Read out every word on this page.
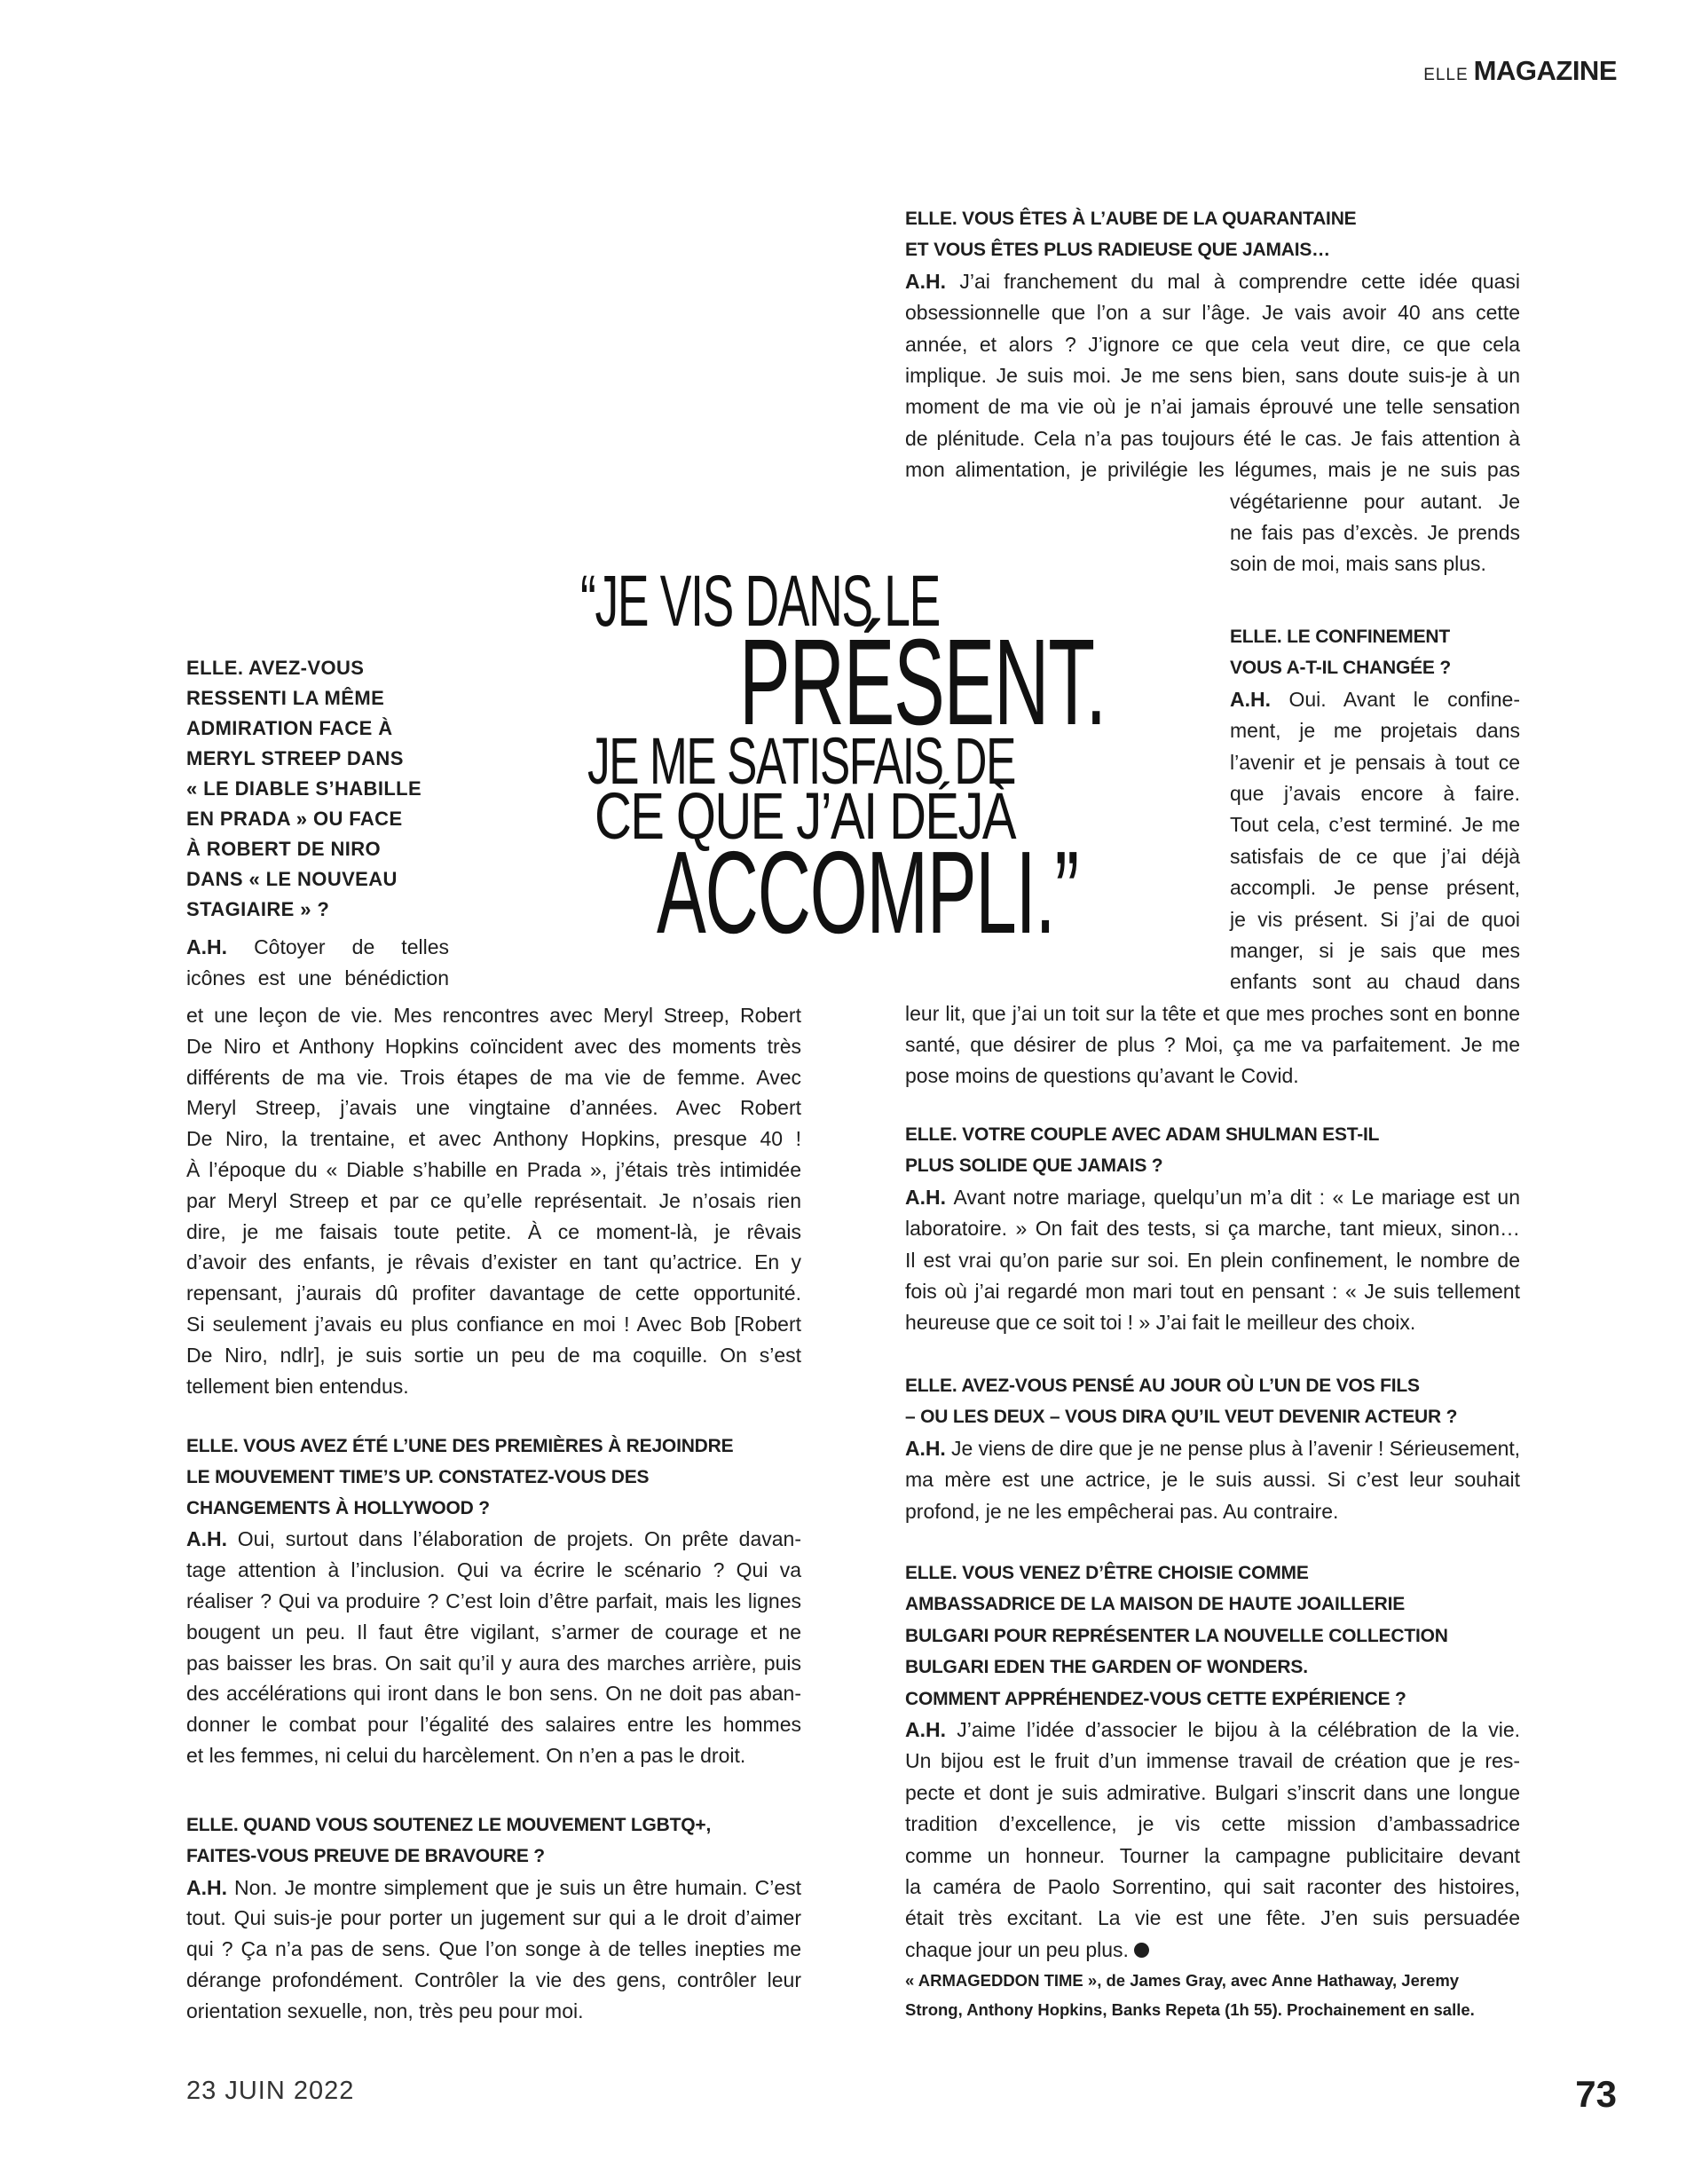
ELLE MAGAZINE
“JE VIS DANS LE
PRÉSENT.
JE ME SATISFAIS DE
CE QUE J’AI DÉJÀ
ACCOMPLI.”
ELLE. AVEZ-VOUS
RESSENTI LA MÊME
ADMIRATION FACE À
MERYL STREEP DANS
« LE DIABLE S’HABILLE
EN PRADA » OU FACE
À ROBERT DE NIRO
DANS « LE NOUVEAU
STAGIAIRE » ?
A.H. Côtoyer de telles
icônes est une bénédiction
et une leçon de vie. Mes rencontres avec Meryl Streep, Robert
De Niro et Anthony Hopkins coïncident avec des moments très
différents de ma vie. Trois étapes de ma vie de femme. Avec
Meryl Streep, j’avais une vingtaine d’années. Avec Robert
De Niro, la trentaine, et avec Anthony Hopkins, presque 40 !
À l’époque du « Diable s’habille en Prada », j’étais très intimidée
par Meryl Streep et par ce qu’elle représentait. Je n’osais rien
dire, je me faisais toute petite. À ce moment-là, je rêvais
d’avoir des enfants, je rêvais d’exister en tant qu’actrice. En y
repensant, j’aurais dû profiter davantage de cette opportunité.
Si seulement j’avais eu plus confiance en moi ! Avec Bob [Robert
De Niro, ndlr], je suis sortie un peu de ma coquille. On s’est
tellement bien entendus.
ELLE. VOUS AVEZ ÉTÉ L’UNE DES PREMIÈRES À REJOINDRE
LE MOUVEMENT TIME’S UP. CONSTATEZ-VOUS DES
CHANGEMENTS À HOLLYWOOD ?
A.H. Oui, surtout dans l’élaboration de projets. On prête davan-
tage attention à l’inclusion. Qui va écrire le scénario ? Qui va
réaliser ? Qui va produire ? C’est loin d’être parfait, mais les lignes
bougent un peu. Il faut être vigilant, s’armer de courage et ne
pas baisser les bras. On sait qu’il y aura des marches arrière, puis
des accélérations qui iront dans le bon sens. On ne doit pas aban-
donner le combat pour l’égalité des salaires entre les hommes
et les femmes, ni celui du harcèlement. On n’en a pas le droit.
ELLE. QUAND VOUS SOUTENEZ LE MOUVEMENT LGBTQ+,
FAITES-VOUS PREUVE DE BRAVOURE ?
A.H. Non. Je montre simplement que je suis un être humain. C’est
tout. Qui suis-je pour porter un jugement sur qui a le droit d’aimer
qui ? Ça n’a pas de sens. Que l’on songe à de telles inepties me
dérange profondément. Contrôler la vie des gens, contrôler leur
orientation sexuelle, non, très peu pour moi.
ELLE. VOUS ÊTES À L’AUBE DE LA QUARANTAINE
ET VOUS ÊTES PLUS RADIEUSE QUE JAMAIS…
A.H. J’ai franchement du mal à comprendre cette idée quasi
obsessionnelle que l’on a sur l’âge. Je vais avoir 40 ans cette
année, et alors ? J’ignore ce que cela veut dire, ce que cela
implique. Je suis moi. Je me sens bien, sans doute suis-je à un
moment de ma vie où je n’ai jamais éprouvé une telle sensation
de plénitude. Cela n’a pas toujours été le cas. Je fais attention à
mon alimentation, je privilégie les légumes, mais je ne suis pas
végétarienne pour autant. Je
ne fais pas d’excès. Je prends
soin de moi, mais sans plus.
ELLE. LE CONFINEMENT
VOUS A-T-IL CHANGÉE ?
A.H. Oui. Avant le confine-
ment, je me projetais dans
l’avenir et je pensais à tout ce
que j’avais encore à faire.
Tout cela, c’est terminé. Je me
satisfais de ce que j’ai déjà
accompli. Je pense présent,
je vis présent. Si j’ai de quoi
manger, si je sais que mes
enfants sont au chaud dans
leur lit, que j’ai un toit sur la tête et que mes proches sont en bonne
santé, que désirer de plus ? Moi, ça me va parfaitement. Je me
pose moins de questions qu’avant le Covid.
ELLE. VOTRE COUPLE AVEC ADAM SHULMAN EST-IL
PLUS SOLIDE QUE JAMAIS ?
A.H. Avant notre mariage, quelqu’un m’a dit : « Le mariage est un
laboratoire. » On fait des tests, si ça marche, tant mieux, sinon…
Il est vrai qu’on parie sur soi. En plein confinement, le nombre de
fois où j’ai regardé mon mari tout en pensant : « Je suis tellement
heureuse que ce soit toi ! » J’ai fait le meilleur des choix.
ELLE. AVEZ-VOUS PENSÉ AU JOUR OÙ L’UN DE VOS FILS
– OU LES DEUX – VOUS DIRA QU’IL VEUT DEVENIR ACTEUR ?
A.H. Je viens de dire que je ne pense plus à l’avenir ! Sérieusement,
ma mère est une actrice, je le suis aussi. Si c’est leur souhait
profond, je ne les empêcherai pas. Au contraire.
ELLE. VOUS VENEZ D’ÊTRE CHOISIE COMME
AMBASSADRICE DE LA MAISON DE HAUTE JOAILLERIE
BULGARI POUR REPRÉSENTER LA NOUVELLE COLLECTION
BULGARI EDEN THE GARDEN OF WONDERS.
COMMENT APPRÉHENDEZ-VOUS CETTE EXPÉRIENCE ?
A.H. J’aime l’idée d’associer le bijou à la célébration de la vie.
Un bijou est le fruit d’un immense travail de création que je res-
pecte et dont je suis admirative. Bulgari s’inscrit dans une longue
tradition d’excellence, je vis cette mission d’ambassadrice
comme un honneur. Tourner la campagne publicitaire devant
la caméra de Paolo Sorrentino, qui sait raconter des histoires,
était très excitant. La vie est une fête. J’en suis persuadée
chaque jour un peu plus.
« ARMAGEDDON TIME », de James Gray, avec Anne Hathaway, Jeremy
Strong, Anthony Hopkins, Banks Repeta (1h 55). Prochainement en salle.
23 JUIN 2022	73
